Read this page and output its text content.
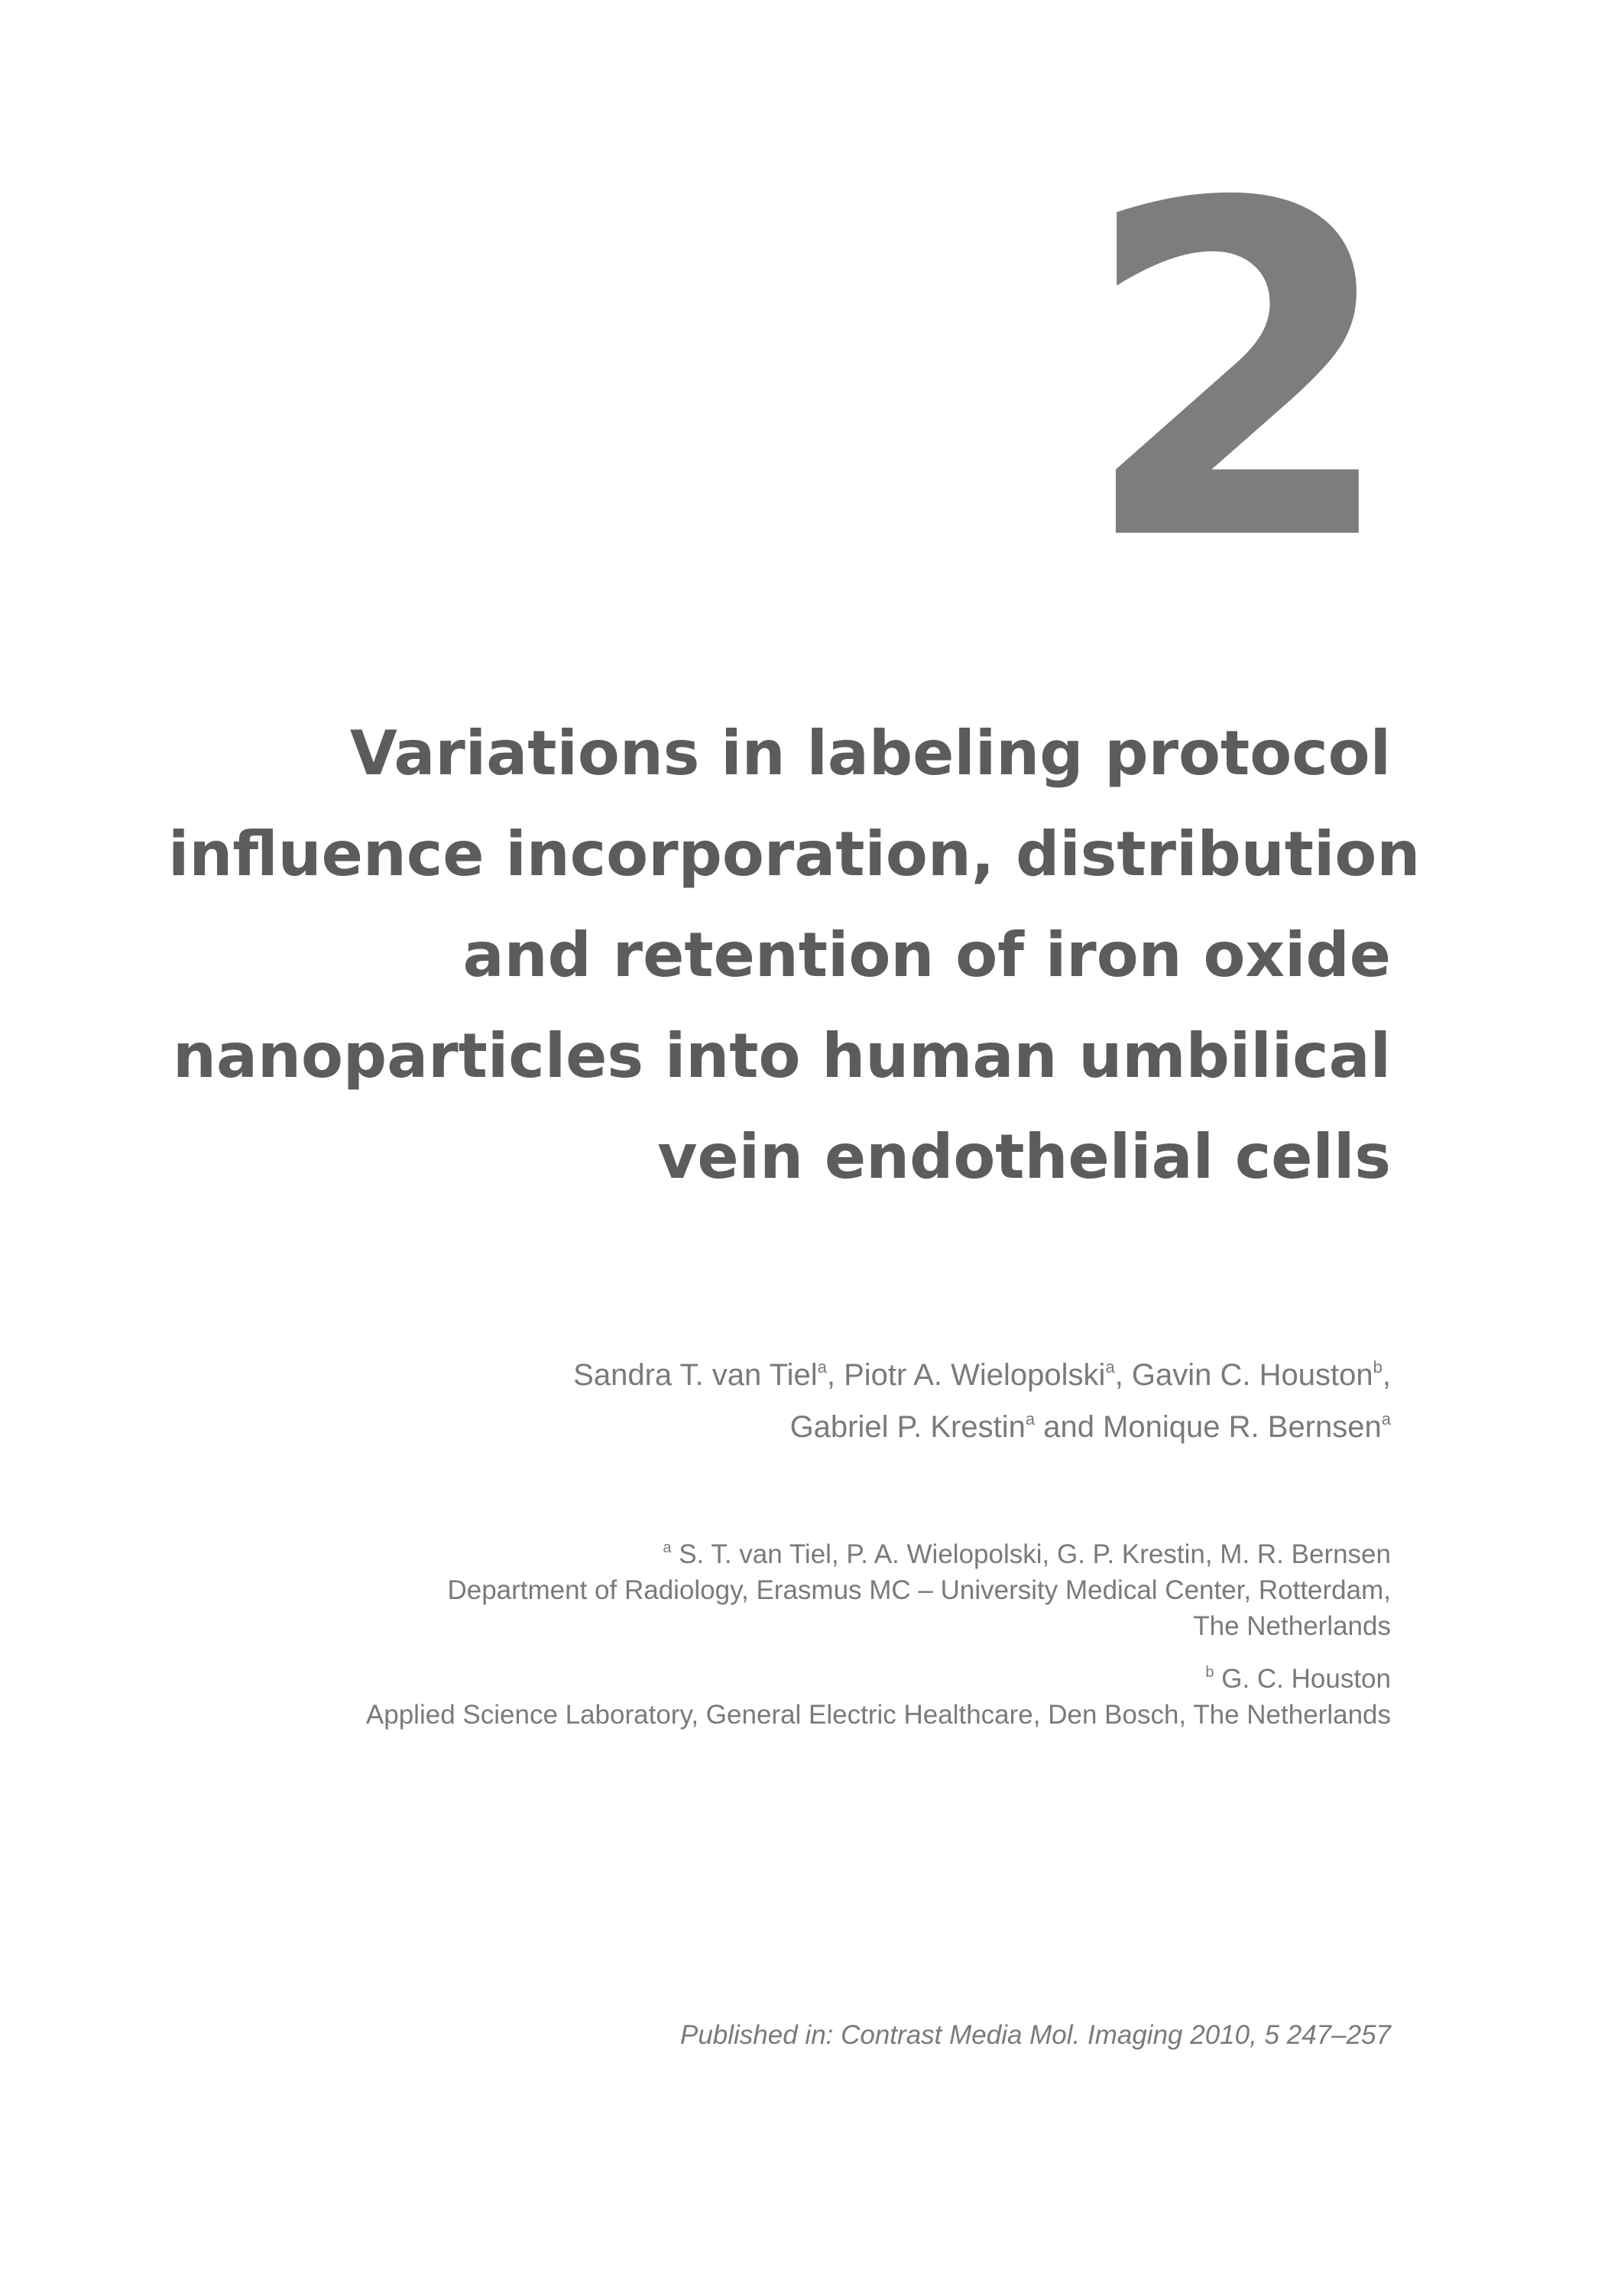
2
Variations in labeling protocol
influence incorporation, distribution
and retention of iron oxide
nanoparticles into human umbilical
vein endothelial cells
Sandra T. van Tiel$^a$, Piotr A. Wielopolski$^a$, Gavin C. Houston$^b$,
Gabriel P. Krestin$^a$ and Monique R. Bernsen$^a$
$^a$ S. T. van Tiel, P. A. Wielopolski, G. P. Krestin, M. R. Bernsen
Department of Radiology, Erasmus MC – University Medical Center, Rotterdam,
The Netherlands
$^b$ G. C. Houston
Applied Science Laboratory, General Electric Healthcare, Den Bosch, The Netherlands

Published in: Contrast Media Mol. Imaging 2010, 5 247–257
